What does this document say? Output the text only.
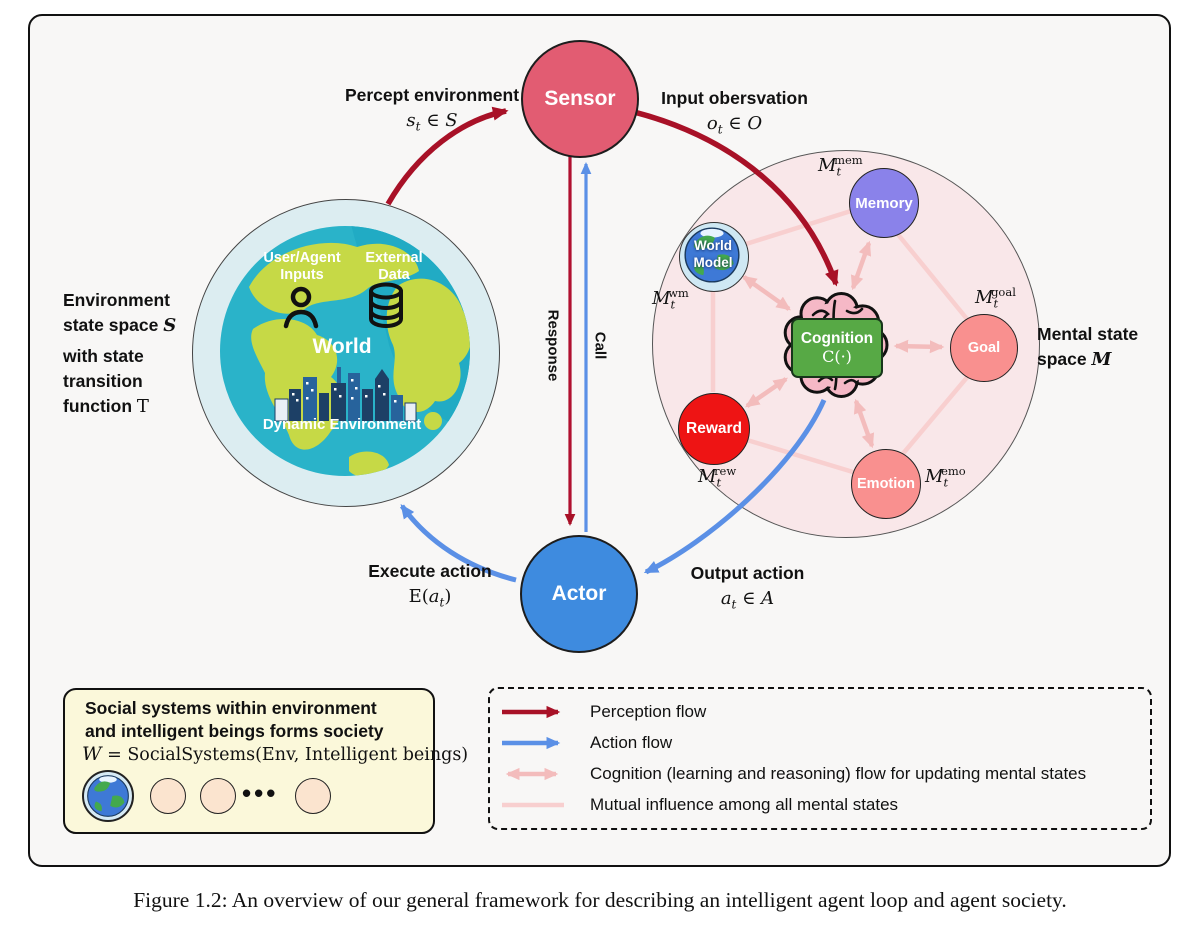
User/Agent Inputs
External Data
World
Dynamic Environment
Cognition
C(·)
Memory
Goal
Reward
Emotion
World Model
$M_t^{mem}$
$M_t^{wm}$	$M_t^{goal}$
$M_t^{rew}$	$M_t^{emo}$
Sensor
Actor
Percept environment
$s_t$ ∈ S
Input obersvation
$o_t$ ∈ O
Execute action
$E(a_t)$
Output action
$a_t$ ∈ A
Response Call
Environment
state space S
with state
transition
function T
Mental state
space M
Social systems within environment
and intelligent beings forms society
W = SocialSystems(Env, Intelligent beings)
•••
Perception flow
Action flow
Cognition (learning and reasoning) flow for updating mental states
Mutual influence among all mental states
Figure 1.2: An overview of our general framework for describing an intelligent agent loop and agent society.
